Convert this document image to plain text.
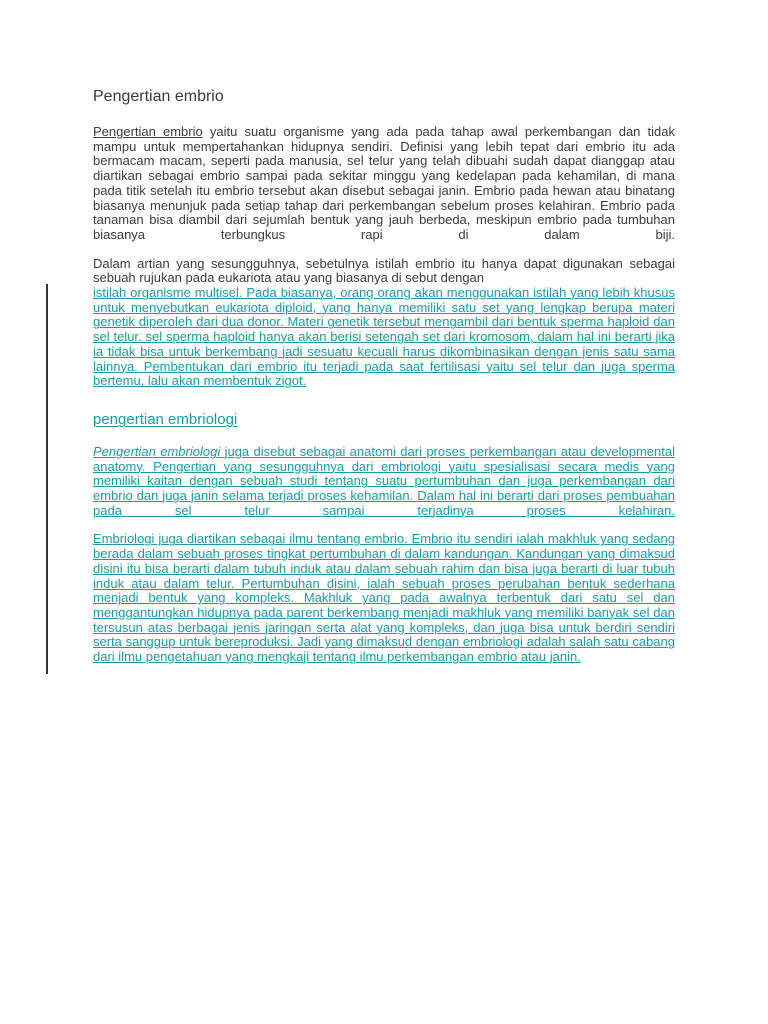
Pengertian embrio

Pengertian embrio yaitu suatu organisme yang ada pada tahap awal perkembangan dan tidak mampu untuk mempertahankan hidupnya sendiri. Definisi yang lebih tepat dari embrio itu ada bermacam macam, seperti pada manusia, sel telur yang telah dibuahi sudah dapat dianggap atau diartikan sebagai embrio sampai pada sekitar minggu yang kedelapan pada kehamilan, di mana pada titik setelah itu embrio tersebut akan disebut sebagai janin. Embrio pada hewan atau binatang biasanya menunjuk pada setiap tahap dari perkembangan sebelum proses kelahiran. Embrio pada tanaman bisa diambil dari sejumlah bentuk yang jauh berbeda, meskipun embrio pada tumbuhan biasanya terbungkus rapi di dalam biji.

Dalam artian yang sesungguhnya, sebetulnya istilah embrio itu hanya dapat digunakan sebagai sebuah rujukan pada eukariota atau yang biasanya di sebut dengan
istilah organisme multisel. Pada biasanya, orang orang akan menggunakan istilah yang lebih khusus untuk menyebutkan eukariota diploid, yang hanya memiliki satu set yang lengkap berupa materi genetik diperoleh dari dua donor. Materi genetik tersebut mengambil dari bentuk sperma haploid dan sel telur. sel sperma haploid hanya akan berisi setengah set dari kromosom, dalam hal ini berarti jika ia tidak bisa untuk berkembang jadi sesuatu kecuali harus dikombinasikan dengan jenis satu sama lainnya. Pembentukan dari embrio itu terjadi pada saat fertilisasi yaitu sel telur dan juga sperma bertemu, lalu akan membentuk zigot.

pengertian embriologi

Pengertian embriologi juga disebut sebagai anatomi dari proses perkembangan atau developmental anatomy. Pengertian yang sesungguhnya dari embriologi yaitu spesialisasi secara medis yang memiliki kaitan dengan sebuah studi tentang suatu pertumbuhan dan juga perkembangan dari embrio dan juga janin selama terjadi proses kehamilan. Dalam hal ini berarti dari proses pembuahan pada sel telur sampai terjadinya proses kelahiran.

Embriologi juga diartikan sebagai ilmu tentang embrio. Embrio itu sendiri ialah makhluk yang sedang berada dalam sebuah proses tingkat pertumbuhan di dalam kandungan. Kandungan yang dimaksud disini itu bisa berarti dalam tubuh induk atau dalam sebuah rahim dan bisa juga berarti di luar tubuh induk atau dalam telur. Pertumbuhan disini, ialah sebuah proses perubahan bentuk sederhana menjadi bentuk yang kompleks. Makhluk yang pada awalnya terbentuk dari satu sel dan menggantungkan hidupnya pada parent berkembang menjadi makhluk yang memiliki banyak sel dan tersusun atas berbagai jenis jaringan serta alat yang kompleks, dan juga bisa untuk berdiri sendiri serta sanggup untuk bereproduksi. Jadi yang dimaksud dengan embriologi adalah salah satu cabang dari ilmu pengetahuan yang mengkaji tentang ilmu perkembangan embrio atau janin.
